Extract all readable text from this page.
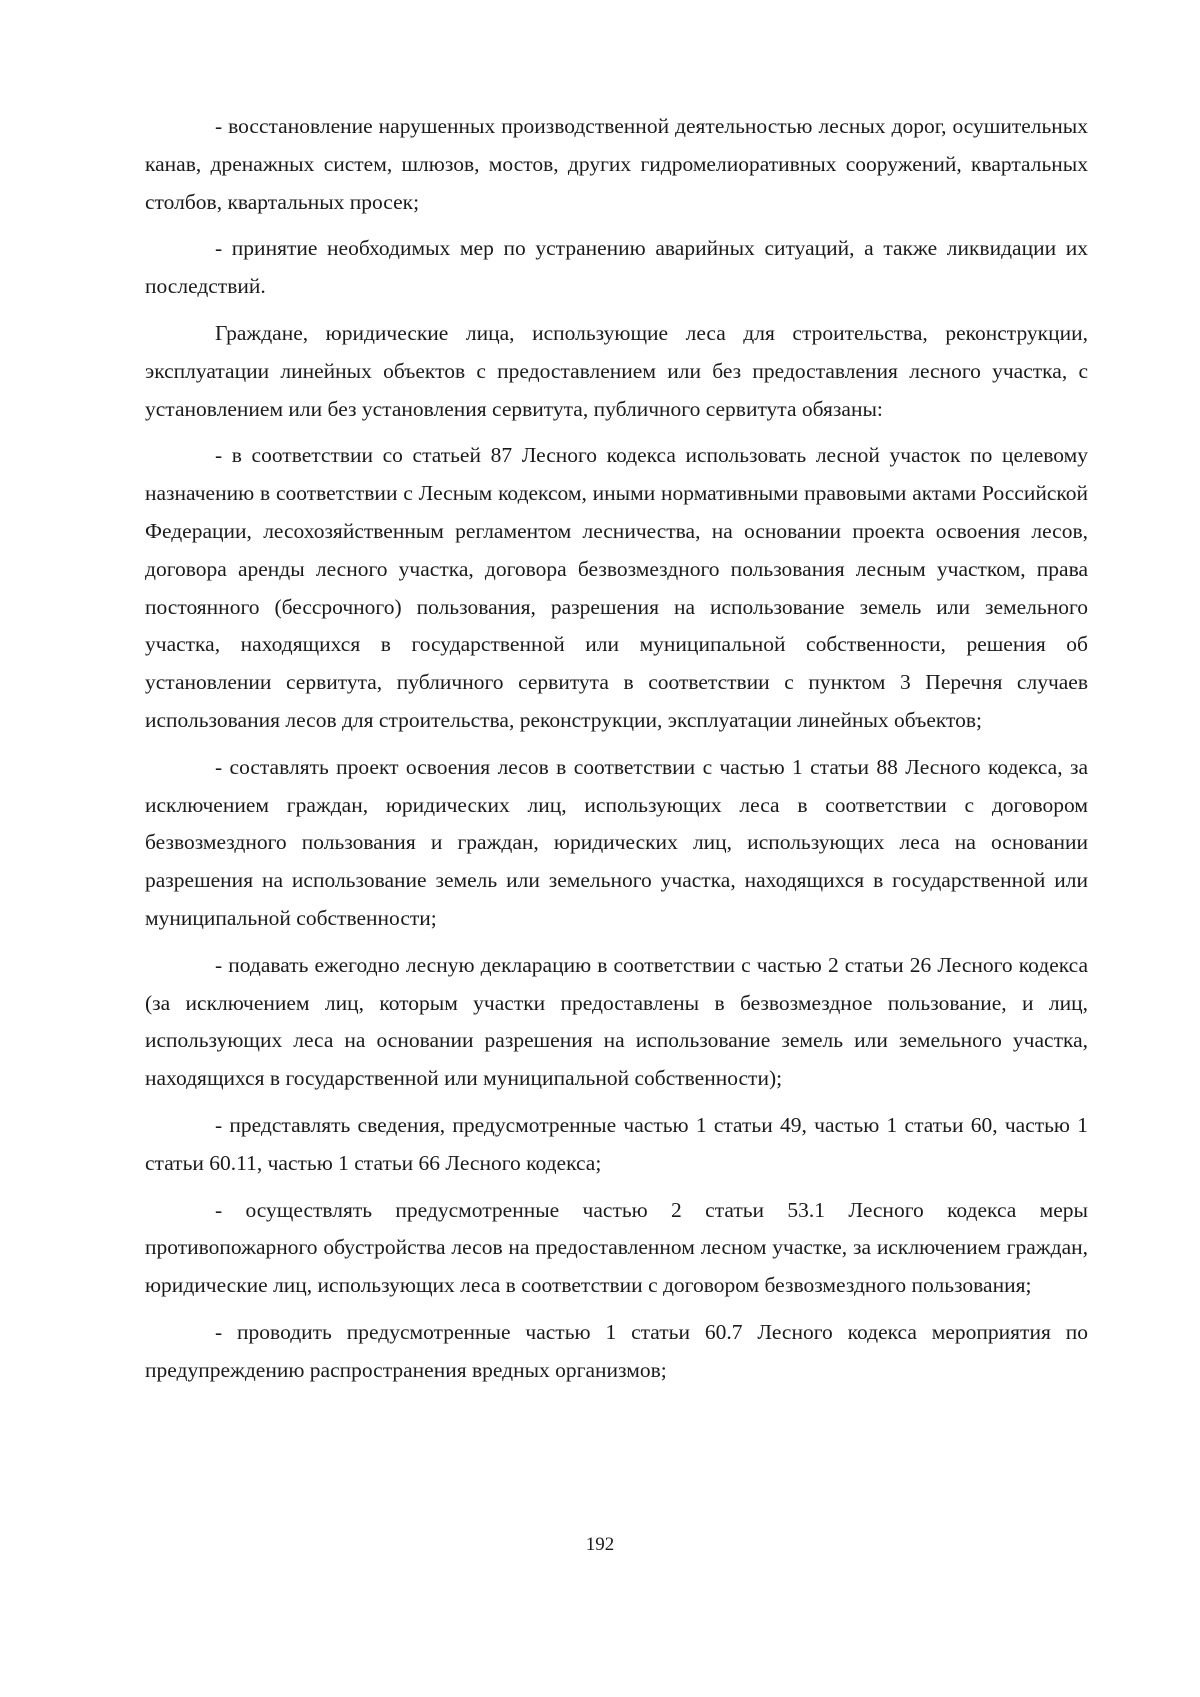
- восстановление нарушенных производственной деятельностью лесных дорог, осушительных канав, дренажных систем, шлюзов, мостов, других гидромелиоративных сооружений, квартальных столбов, квартальных просек;

- принятие необходимых мер по устранению аварийных ситуаций, а также ликвидации их последствий.

Граждане, юридические лица, использующие леса для строительства, реконструкции, эксплуатации линейных объектов с предоставлением или без предоставления лесного участка, с установлением или без установления сервитута, публичного сервитута обязаны:

- в соответствии со статьей 87 Лесного кодекса использовать лесной участок по целевому назначению в соответствии с Лесным кодексом, иными нормативными правовыми актами Российской Федерации, лесохозяйственным регламентом лесничества, на основании проекта освоения лесов, договора аренды лесного участка, договора безвозмездного пользования лесным участком, права постоянного (бессрочного) пользования, разрешения на использование земель или земельного участка, находящихся в государственной или муниципальной собственности, решения об установлении сервитута, публичного сервитута в соответствии с пунктом 3 Перечня случаев использования лесов для строительства, реконструкции, эксплуатации линейных объектов;

- составлять проект освоения лесов в соответствии с частью 1 статьи 88 Лесного кодекса, за исключением граждан, юридических лиц, использующих леса в соответствии с договором безвозмездного пользования и граждан, юридических лиц, использующих леса на основании разрешения на использование земель или земельного участка, находящихся в государственной или муниципальной собственности;

- подавать ежегодно лесную декларацию в соответствии с частью 2 статьи 26 Лесного кодекса (за исключением лиц, которым участки предоставлены в безвозмездное пользование, и лиц, использующих леса на основании разрешения на использование земель или земельного участка, находящихся в государственной или муниципальной собственности);

- представлять сведения, предусмотренные частью 1 статьи 49, частью 1 статьи 60, частью 1 статьи 60.11, частью 1 статьи 66 Лесного кодекса;

- осуществлять предусмотренные частью 2 статьи 53.1 Лесного кодекса меры противопожарного обустройства лесов на предоставленном лесном участке, за исключением граждан, юридические лиц, использующих леса в соответствии с договором безвозмездного пользования;

- проводить предусмотренные частью 1 статьи 60.7 Лесного кодекса мероприятия по предупреждению распространения вредных организмов;

192
